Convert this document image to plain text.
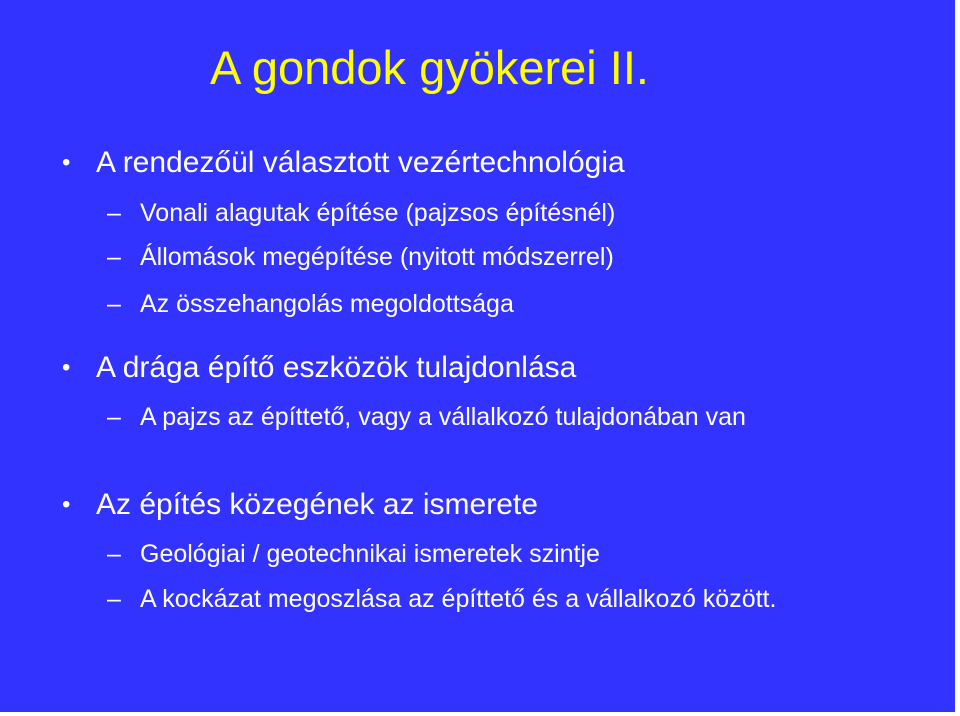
A gondok gyökerei II.
• A rendezőül választott vezértechnológia
– Vonali alagutak építése (pajzsos építésnél)
– Állomások megépítése (nyitott módszerrel)
– Az összehangolás megoldottsága
• A drága építő eszközök tulajdonlása
– A pajzs az építtető, vagy a vállalkozó tulajdonában van
• Az építés közegének az ismerete
– Geológiai / geotechnikai ismeretek szintje
– A kockázat megoszlása az építtető és a vállalkozó között.
